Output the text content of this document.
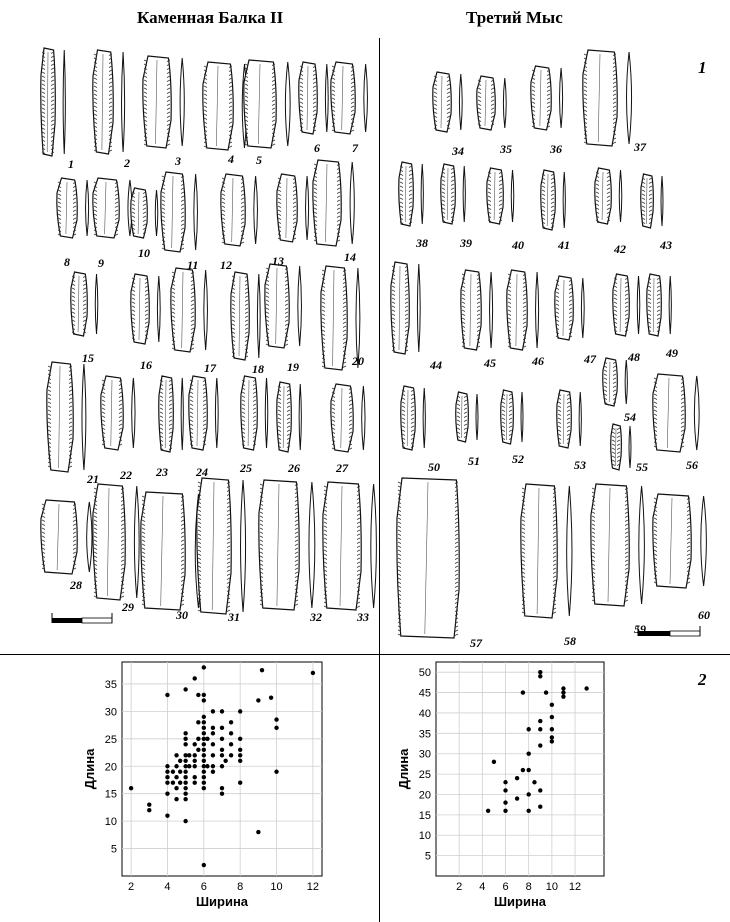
Каменная Балка II	Третий Мыс
1
2
1	2	3	4 5
6	7
8 9
10
11 12	13	14
15	16	17	18 19	20
21 22 23 24	25	26	27
28
29
30	31	32	33
34	35	36	37
38	39	40	41	42	43
44	45	46	47	48 49
50 51	52	53
54
55	56
57	58
59
60
2	4	6	8 10 12
5
10
15
20
25
30
35
Ширина
Длина
2 4 6 8 10 12
5
10
15
20
25
30
35
40
45
50
Ширина
Длина
